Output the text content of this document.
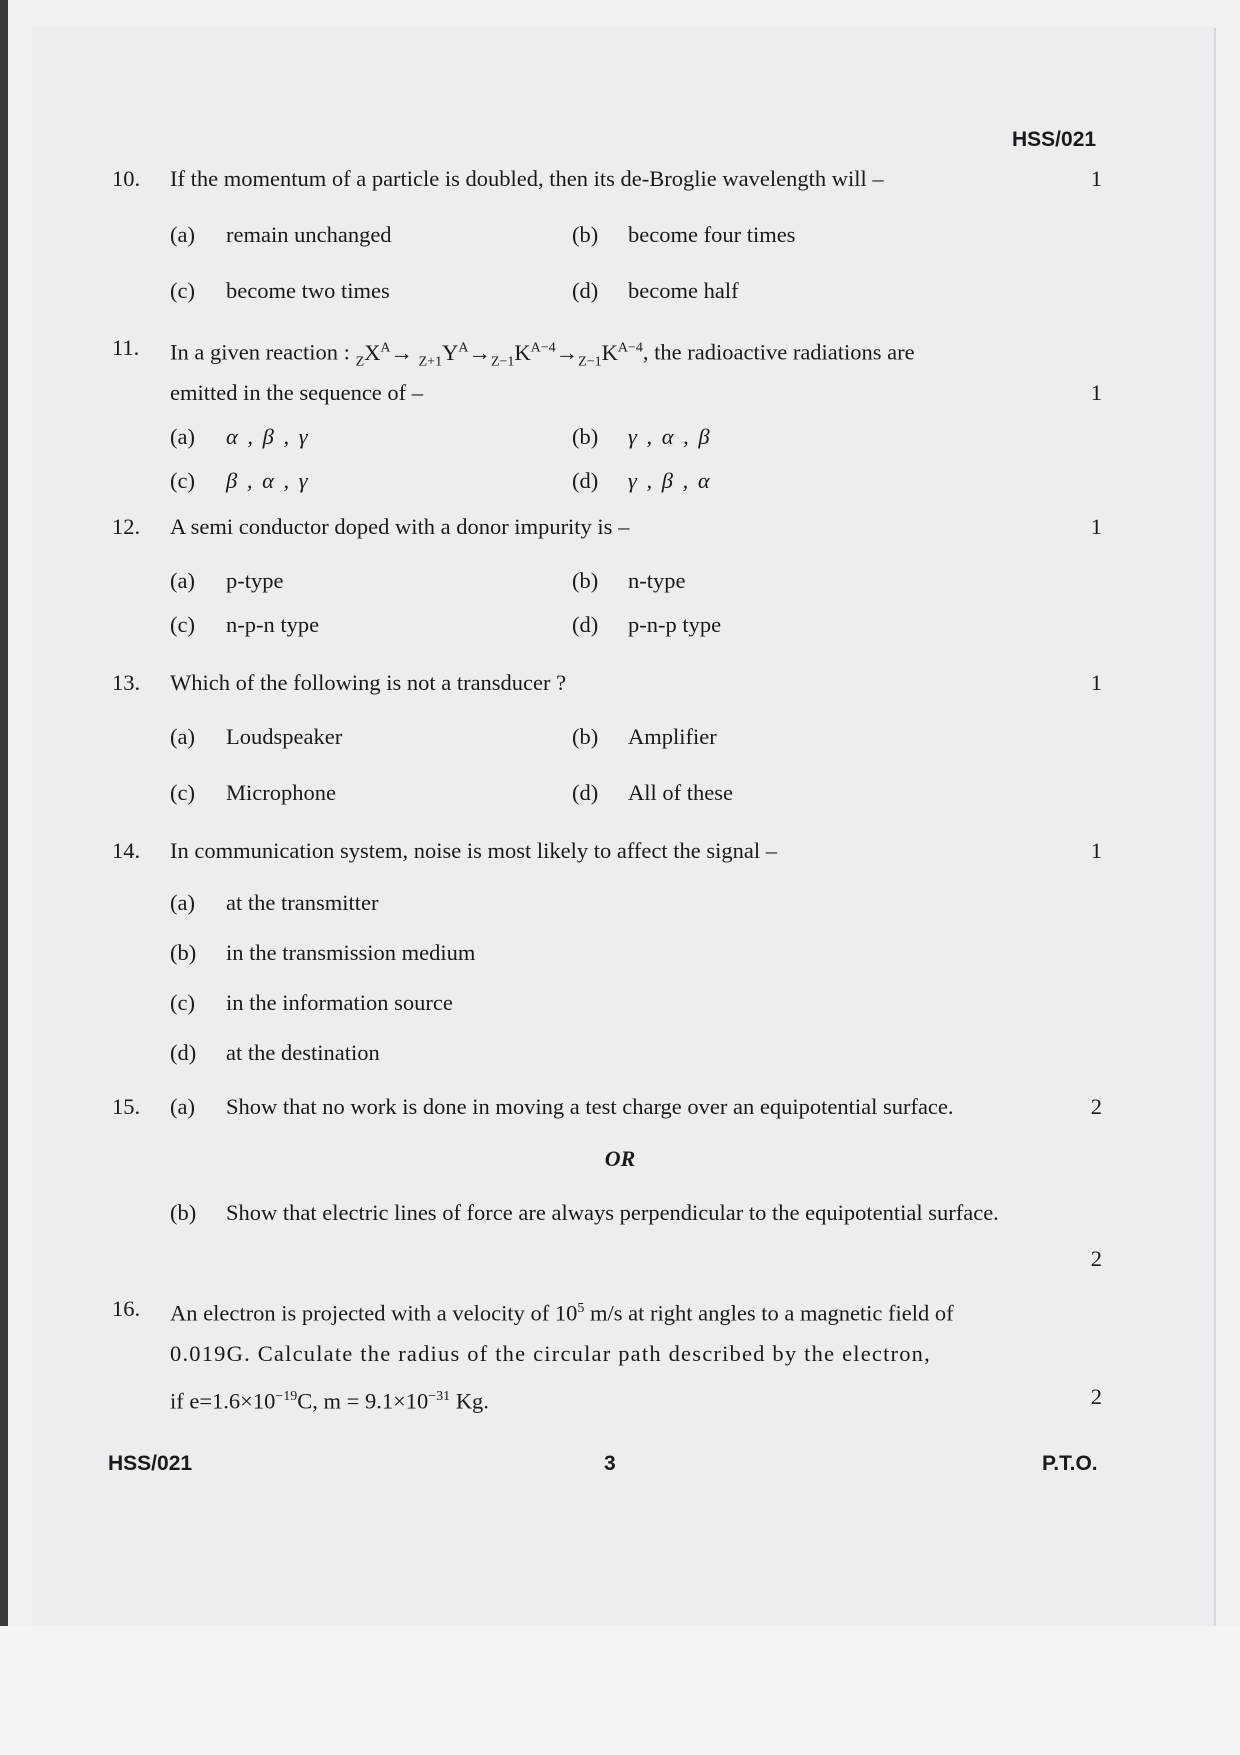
HSS/021
10. If the momentum of a particle is doubled, then its de-Broglie wavelength will –	1
(a) remain unchanged	(b) become four times
(c) become two times	(d) become half
11. In a given reaction : $_ZX^A\to _{Z+1}Y^A\to_{Z-1}K^{A-4}\to_{Z-1}K^{A-4}$, the radioactive radiations are
emitted in the sequence of –	1
(a) α , β , γ	(b) γ , α , β
(c) β , α , γ	(d) γ , β , α
12. A semi conductor doped with a donor impurity is –	1
(a) p-type	(b) n-type
(c) n-p-n type	(d) p-n-p type
13. Which of the following is not a transducer ?	1
(a) Loudspeaker	(b) Amplifier
(c) Microphone	(d) All of these
14. In communication system, noise is most likely to affect the signal –	1
(a) at the transmitter
(b) in the transmission medium
(c) in the information source
(d) at the destination
15. (a) Show that no work is done in moving a test charge over an equipotential surface.	2
OR
(b) Show that electric lines of force are always perpendicular to the equipotential surface.
2
16. An electron is projected with a velocity of $10^5$ m/s at right angles to a magnetic field of
0.019G. Calculate the radius of the circular path described by the electron,
if $e=1.6\times 10^{-19}C$, $m = 9.1\times 10^{-31}$ Kg.	2
HSS/021	3	P.T.O.
